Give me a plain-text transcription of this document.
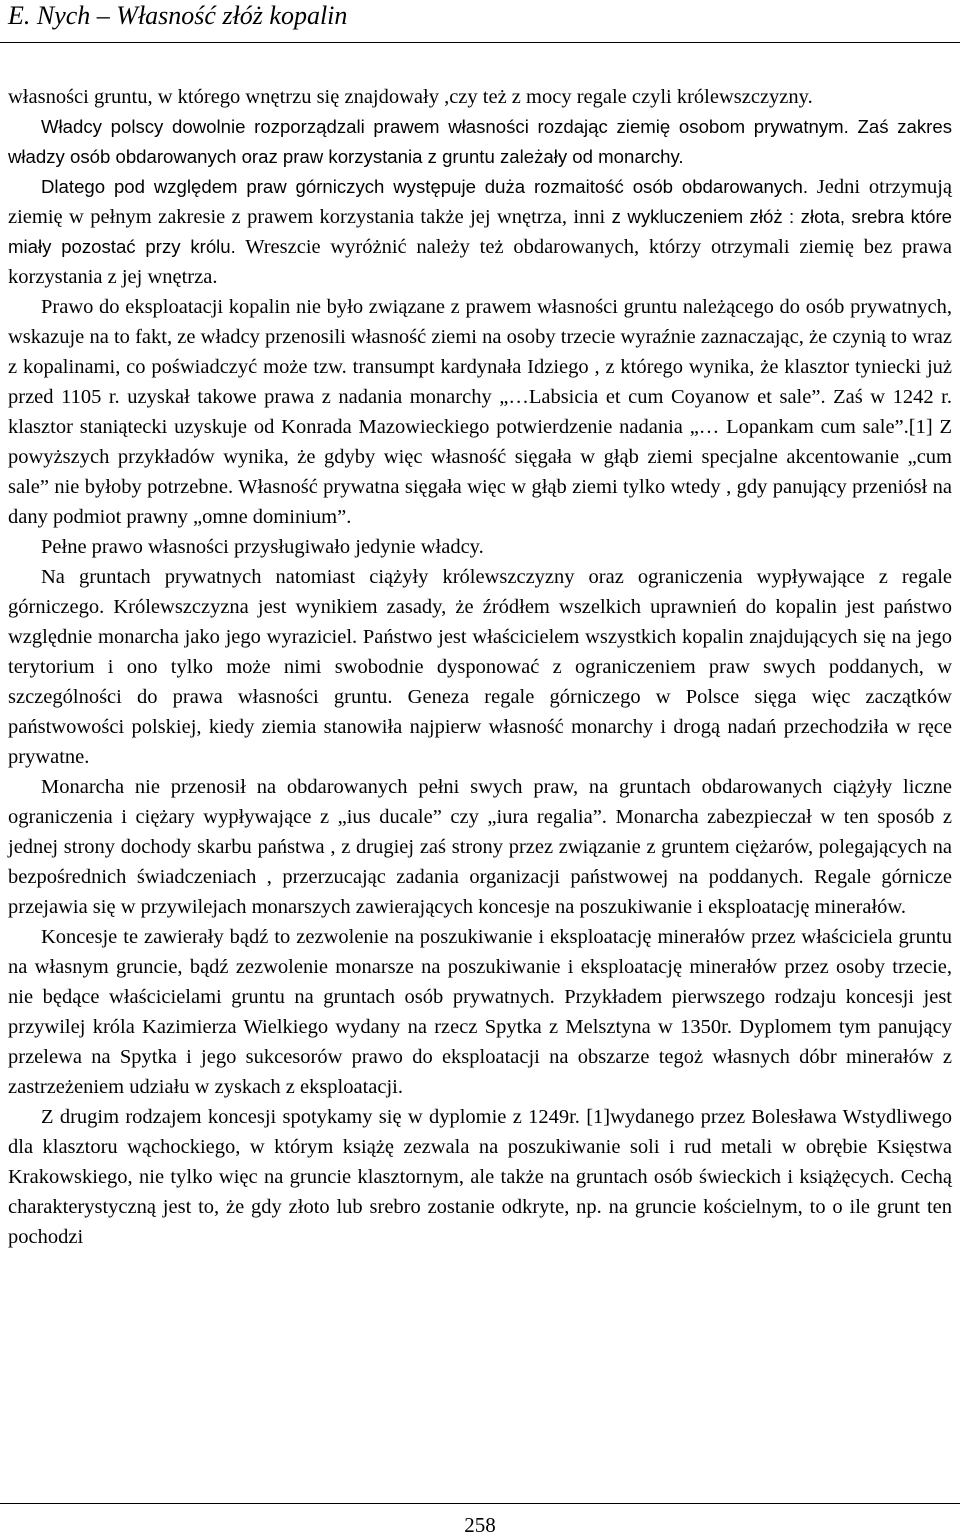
E. Nych – Własność złóż kopalin

własności gruntu, w którego wnętrzu się znajdowały ,czy też z mocy regale czyli królewszczyzny.

Władcy polscy dowolnie rozporządzali prawem własności rozdając ziemię osobom prywatnym. Zaś zakres władzy osób obdarowanych oraz praw korzystania z gruntu zależały od monarchy.

Dlatego pod względem praw górniczych występuje duża rozmaitość osób obdarowanych. Jedni otrzymują ziemię w pełnym zakresie z prawem korzystania także jej wnętrza, inni z wykluczeniem złóż : złota, srebra które miały pozostać przy królu. Wreszcie wyróżnić należy też obdarowanych, którzy otrzymali ziemię bez prawa korzystania z jej wnętrza.

Prawo do eksploatacji kopalin nie było związane z prawem własności gruntu należącego do osób prywatnych, wskazuje na to fakt, ze władcy przenosili własność ziemi na osoby trzecie wyraźnie zaznaczając, że czynią to wraz z kopalinami, co poświadczyć może tzw. transumpt kardynała Idziego , z którego wynika, że klasztor tyniecki już przed 1105 r. uzyskał takowe prawa z nadania monarchy „…Labsicia et cum Coyanow et sale”. Zaś w 1242 r. klasztor staniątecki uzyskuje od Konrada Mazowieckiego potwierdzenie nadania „… Lopankam cum sale”.[1] Z powyższych przykładów wynika, że gdyby więc własność sięgała w głąb ziemi specjalne akcentowanie „cum sale” nie byłoby potrzebne. Własność prywatna sięgała więc w głąb ziemi tylko wtedy , gdy panujący przeniósł na dany podmiot prawny „omne dominium”.

Pełne prawo własności przysługiwało jedynie władcy.

Na gruntach prywatnych natomiast ciążyły królewszczyzny oraz ograniczenia wypływające z regale górniczego. Królewszczyzna jest wynikiem zasady, że źródłem wszelkich uprawnień do kopalin jest państwo względnie monarcha jako jego wyraziciel. Państwo jest właścicielem wszystkich kopalin znajdujących się na jego terytorium i ono tylko może nimi swobodnie dysponować z ograniczeniem praw swych poddanych, w szczególności do prawa własności gruntu. Geneza regale górniczego w Polsce sięga więc zaczątków państwowości polskiej, kiedy ziemia stanowiła najpierw własność monarchy i drogą nadań przechodziła w ręce prywatne.

Monarcha nie przenosił na obdarowanych pełni swych praw, na gruntach obdarowanych ciążyły liczne ograniczenia i ciężary wypływające z „ius ducale” czy „iura regalia”. Monarcha zabezpieczał w ten sposób z jednej strony dochody skarbu państwa , z drugiej zaś strony przez związanie z gruntem ciężarów, polegających na bezpośrednich świadczeniach , przerzucając zadania organizacji państwowej na poddanych. Regale górnicze przejawia się w przywilejach monarszych zawierających koncesje na poszukiwanie i eksploatację minerałów.

Koncesje te zawierały bądź to zezwolenie na poszukiwanie i eksploatację minerałów przez właściciela gruntu na własnym gruncie, bądź zezwolenie monarsze na poszukiwanie i eksploatację minerałów przez osoby trzecie, nie będące właścicielami gruntu na gruntach osób prywatnych. Przykładem pierwszego rodzaju koncesji jest przywilej króla Kazimierza Wielkiego wydany na rzecz Spytka z Melsztyna w 1350r. Dyplomem tym panujący przelewa na Spytka i jego sukcesorów prawo do eksploatacji na obszarze tegoż własnych dóbr minerałów z zastrzeżeniem udziału w zyskach z eksploatacji.

Z drugim rodzajem koncesji spotykamy się w dyplomie z 1249r. [1]wydanego przez Bolesława Wstydliwego dla klasztoru wąchockiego, w którym książę zezwala na poszukiwanie soli i rud metali w obrębie Księstwa Krakowskiego, nie tylko więc na gruncie klasztornym, ale także na gruntach osób świeckich i książęcych. Cechą charakterystyczną jest to, że gdy złoto lub srebro zostanie odkryte, np. na gruncie kościelnym, to o ile grunt ten pochodzi

258
